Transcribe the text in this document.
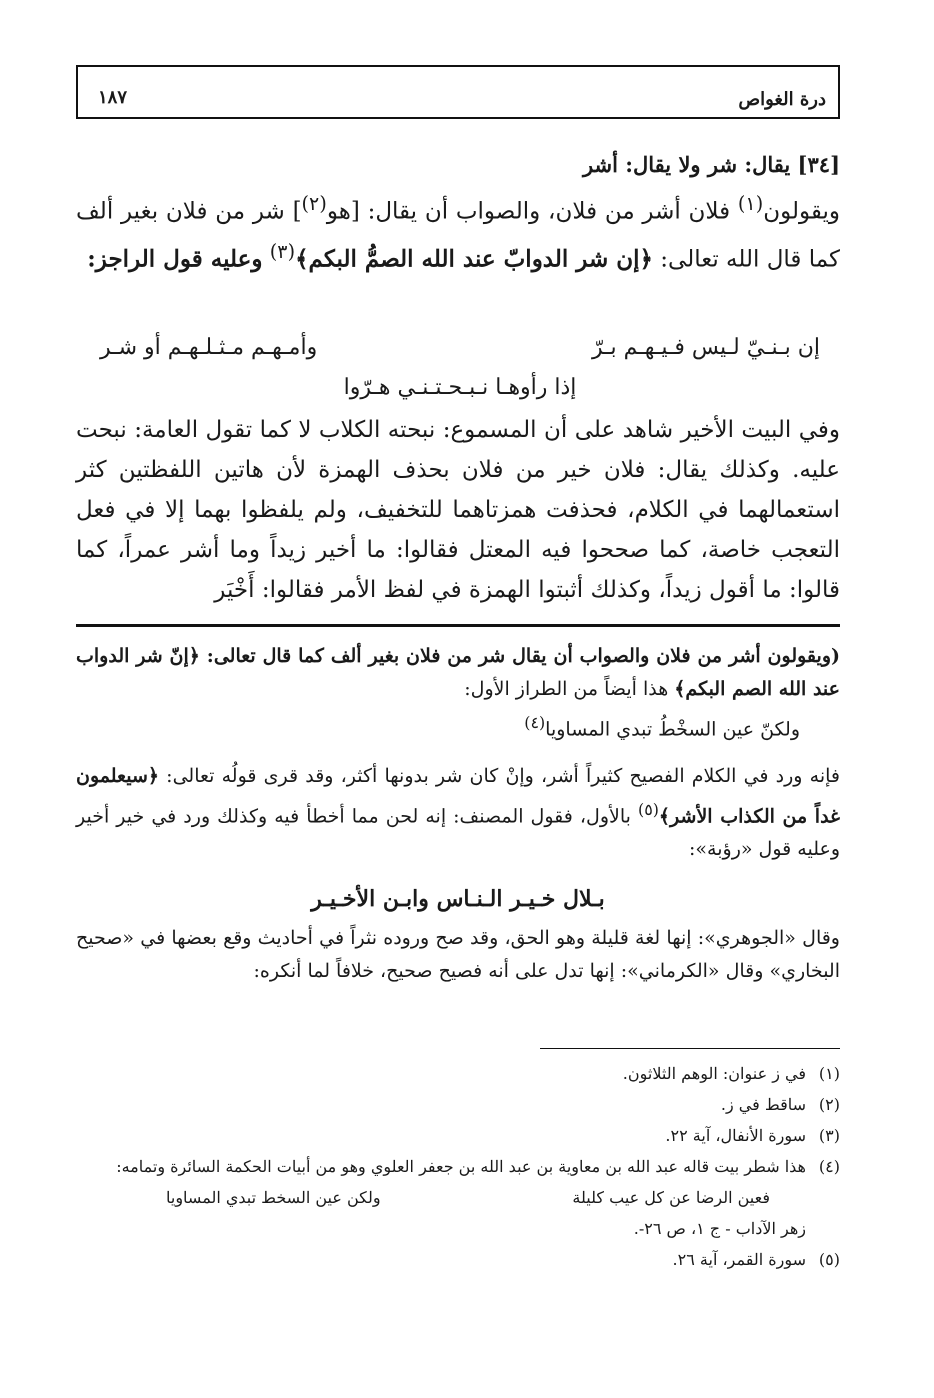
درة الغواص
١٨٧
[٣٤] يقال: شر ولا يقال: أشر
ويقولون$^{(١)}$ فلان أشر من فلان، والصواب أن يقال: [هو$^{(٢)}$] شر من فلان بغير ألف كما قال الله تعالى: ﴿إن شر الدوابّ عند الله الصمُّ البكم﴾$^{(٣)}$ وعليه قول الراجز:
إن بـنـيّ لـيس فـيـهـم بـرّ
وأمـهـم مـثـلـهـم أو شـر
إذا رأوهـا نـبـحـتـنـي هـرّوا
وفي البيت الأخير شاهد على أن المسموع: نبحته الكلاب لا كما تقول العامة: نبحت عليه. وكذلك يقال: فلان خير من فلان بحذف الهمزة لأن هاتين اللفظتين كثر استعمالهما في الكلام، فحذفت همزتاهما للتخفيف، ولم يلفظوا بهما إلا في فعل التعجب خاصة، كما صححوا فيه المعتل فقالوا: ما أخير زيداً وما أشر عمراً، كما قالوا: ما أقول زيداً، وكذلك أثبتوا الهمزة في لفظ الأمر فقالوا: أَخْيَر
(ويقولون أشر من فلان والصواب أن يقال شر من فلان بغير ألف كما قال تعالى: ﴿إنّ شر الدواب عند الله الصم البكم﴾ هذا أيضاً من الطراز الأول:
ولكنّ عين السخْطُ تبدي المساويا$^{(٤)}$
فإنه ورد في الكلام الفصيح كثيراً أشر، وإنْ كان شر بدونها أكثر، وقد قرى قولُه تعالى: ﴿سيعلمون غداً من الكذاب الأشر﴾$^{(٥)}$ بالأول، فقول المصنف: إنه لحن مما أخطأ فيه وكذلك ورد في خير أخير وعليه قول «رؤبة»:
بـلال خـيـر الـنـاس وابـن الأخـيـر
وقال «الجوهري»: إنها لغة قليلة وهو الحق، وقد صح وروده نثراً في أحاديث وقع بعضها في «صحيح البخاري» وقال «الكرماني»: إنها تدل على أنه فصيح صحيح، خلافاً لما أنكره:
(١)
في ز عنوان: الوهم الثلاثون.
(٢)
ساقط في ز.
(٣)
سورة الأنفال، آية ٢٢.
(٤)
هذا شطر بيت قاله عبد الله بن معاوية بن عبد الله بن جعفر العلوي وهو من أبيات الحكمة السائرة وتمامه:
فعين الرضا عن كل عيب كليلة
ولكن عين السخط تبدي المساويا
زهر الآداب - ج ١، ص ٢٦-.
(٥)
سورة القمر، آية ٢٦.
